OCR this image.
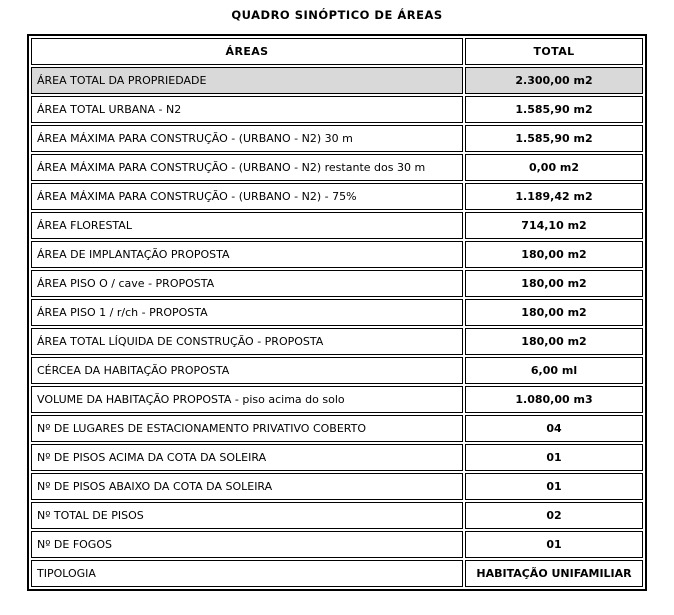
QUADRO SINÓPTICO DE ÁREAS
ÁREAS	TOTAL
ÁREA TOTAL DA PROPRIEDADE	2.300,00 m2
ÁREA TOTAL URBANA - N2	1.585,90 m2
ÁREA MÁXIMA PARA CONSTRUÇÃO - (URBANO - N2) 30 m	1.585,90 m2
ÁREA MÁXIMA PARA CONSTRUÇÃO - (URBANO - N2) restante dos 30 m	0,00 m2
ÁREA MÁXIMA PARA CONSTRUÇÃO - (URBANO - N2) - 75%	1.189,42 m2
ÁREA FLORESTAL	714,10 m2
ÁREA DE IMPLANTAÇÃO PROPOSTA	180,00 m2
ÁREA PISO O / cave - PROPOSTA	180,00 m2
ÁREA PISO 1 / r/ch - PROPOSTA	180,00 m2
ÁREA TOTAL LÍQUIDA DE CONSTRUÇÃO - PROPOSTA	180,00 m2
CÉRCEA DA HABITAÇÃO PROPOSTA	6,00 ml
VOLUME DA HABITAÇÃO PROPOSTA - piso acima do solo	1.080,00 m3
Nº DE LUGARES DE ESTACIONAMENTO PRIVATIVO COBERTO	04
Nº DE PISOS ACIMA DA COTA DA SOLEIRA	01
Nº DE PISOS ABAIXO DA COTA DA SOLEIRA	01
Nº TOTAL DE PISOS	02
Nº DE FOGOS	01
TIPOLOGIA	HABITAÇÃO UNIFAMILIAR
